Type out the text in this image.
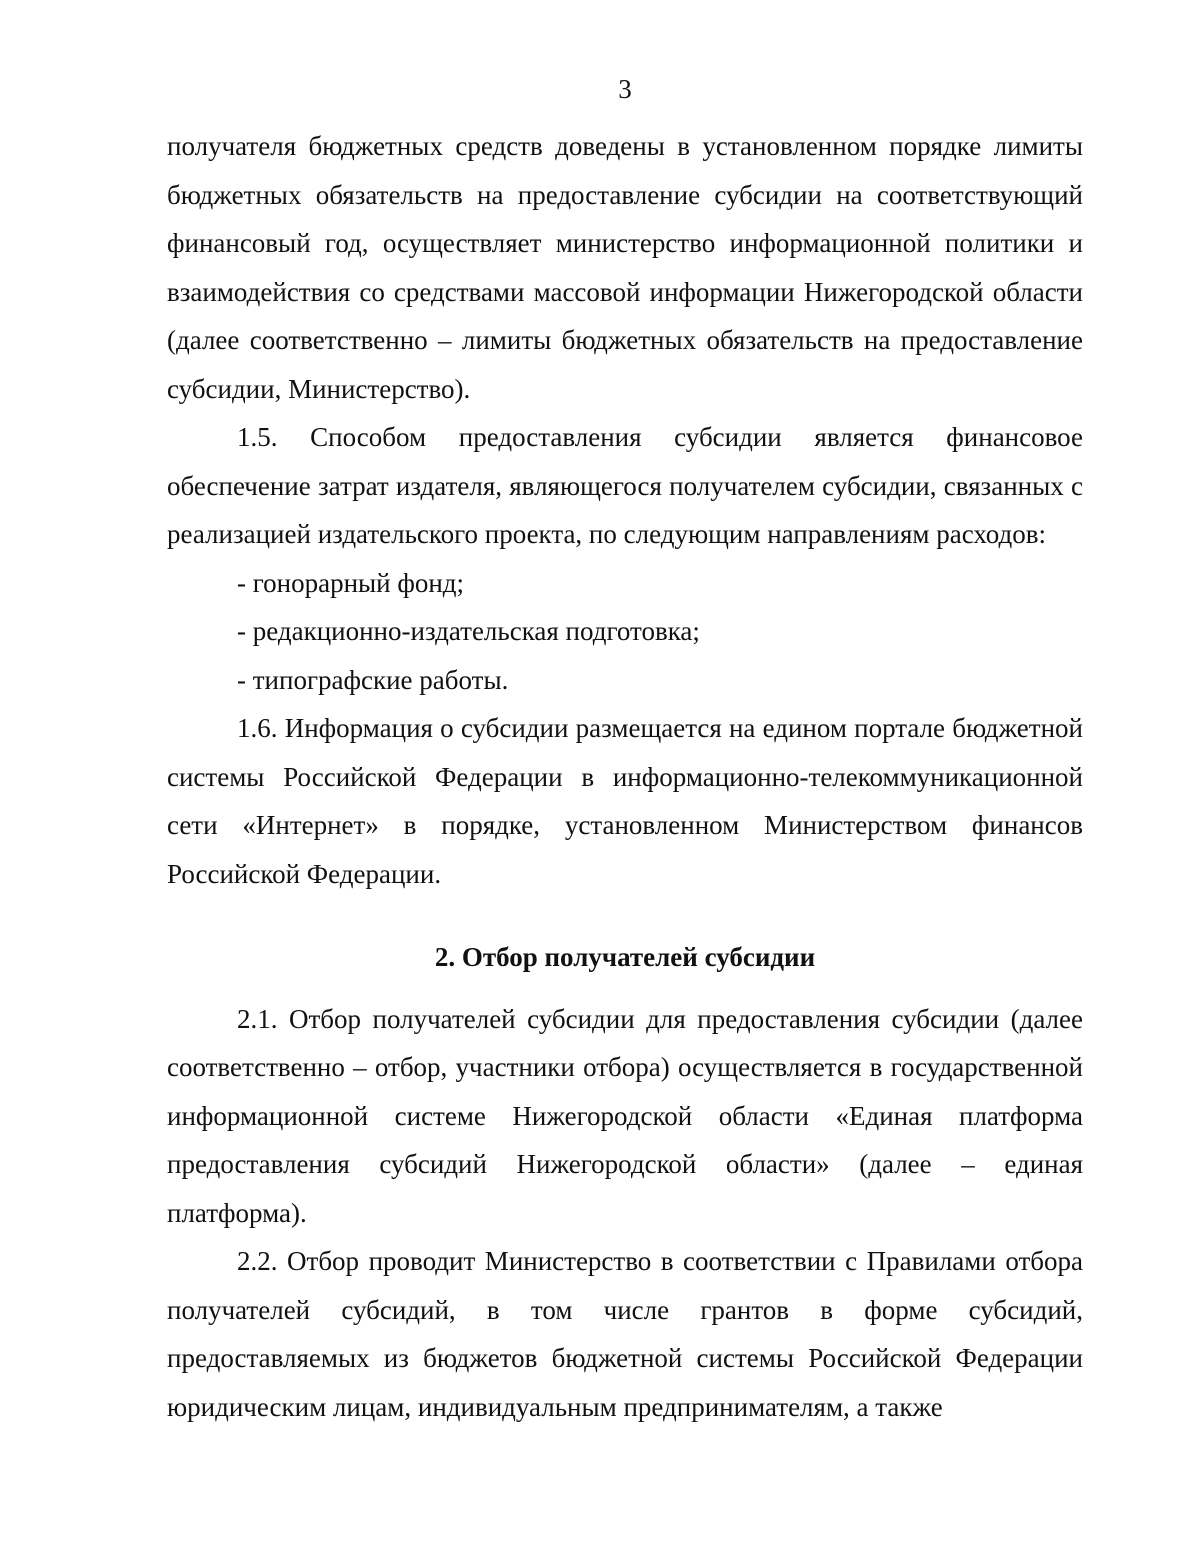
3

получателя бюджетных средств доведены в установленном порядке лимиты бюджетных обязательств на предоставление субсидии на соответствующий финансовый год, осуществляет министерство информационной политики и взаимодействия со средствами массовой информации Нижегородской области (далее соответственно – лимиты бюджетных обязательств на предоставление субсидии, Министерство).

1.5. Способом предоставления субсидии является финансовое обеспечение затрат издателя, являющегося получателем субсидии, связанных с реализацией издательского проекта, по следующим направлениям расходов:

- гонорарный фонд;

- редакционно-издательская подготовка;

- типографские работы.

1.6. Информация о субсидии размещается на едином портале бюджетной системы Российской Федерации в информационно-телекоммуникационной сети «Интернет» в порядке, установленном Министерством финансов Российской Федерации.

2. Отбор получателей субсидии

2.1. Отбор получателей субсидии для предоставления субсидии (далее соответственно – отбор, участники отбора) осуществляется в государственной информационной системе Нижегородской области «Единая платформа предоставления субсидий Нижегородской области» (далее – единая платформа).

2.2. Отбор проводит Министерство в соответствии с Правилами отбора получателей субсидий, в том числе грантов в форме субсидий, предоставляемых из бюджетов бюджетной системы Российской Федерации юридическим лицам, индивидуальным предпринимателям, а также
